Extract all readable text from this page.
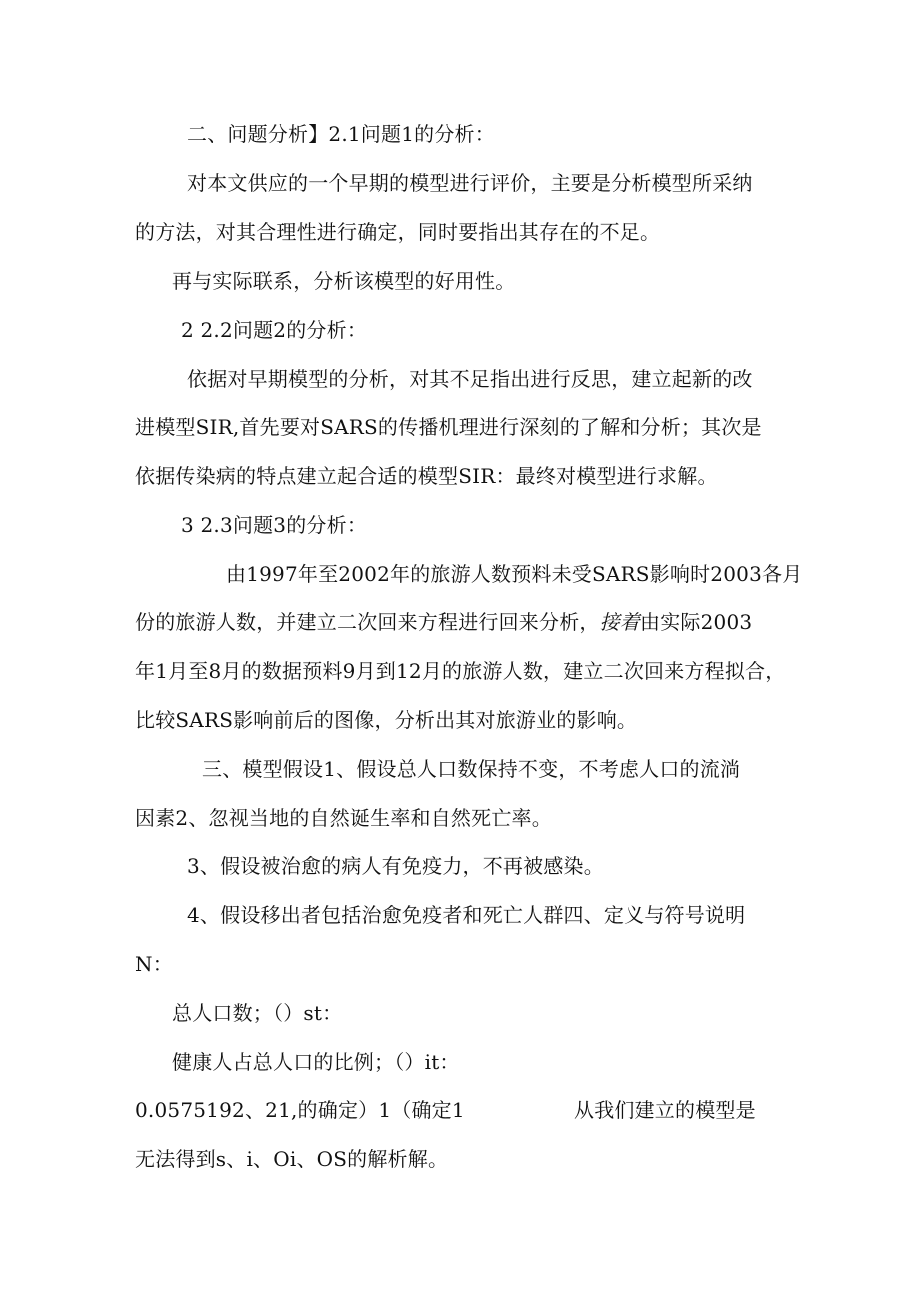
二、问题分析】2.1问题1的分析：
对本文供应的一个早期的模型进行评价，主要是分析模型所采纳
的方法，对其合理性进行确定，同时要指出其存在的不足。
再与实际联系，分析该模型的好用性。
2 2.2问题2的分析：
依据对早期模型的分析，对其不足指出进行反思，建立起新的改
进模型SIR,首先要对SARS的传播机理进行深刻的了解和分析；其次是
依据传染病的特点建立起合适的模型SIR：最终对模型进行求解。
3 2.3问题3的分析：
由1997年至2002年的旅游人数预料未受SARS影响时2003各月
份的旅游人数，并建立二次回来方程进行回来分析，接着由实际2003
年1月至8月的数据预料9月到12月的旅游人数，建立二次回来方程拟合，
比较SARS影响前后的图像，分析出其对旅游业的影响。
三、模型假设1、假设总人口数保持不变，不考虑人口的流淌
因素2、忽视当地的自然诞生率和自然死亡率。
3、假设被治愈的病人有免疫力，不再被感染。
4、假设移出者包括治愈免疫者和死亡人群四、定义与符号说明
N：
总人口数；（）st：
健康人占总人口的比例；（）it：
0.0575192、21,的确定）1（确定1	从我们建立的模型是
无法得到s、i、Oi、OS的解析解。
